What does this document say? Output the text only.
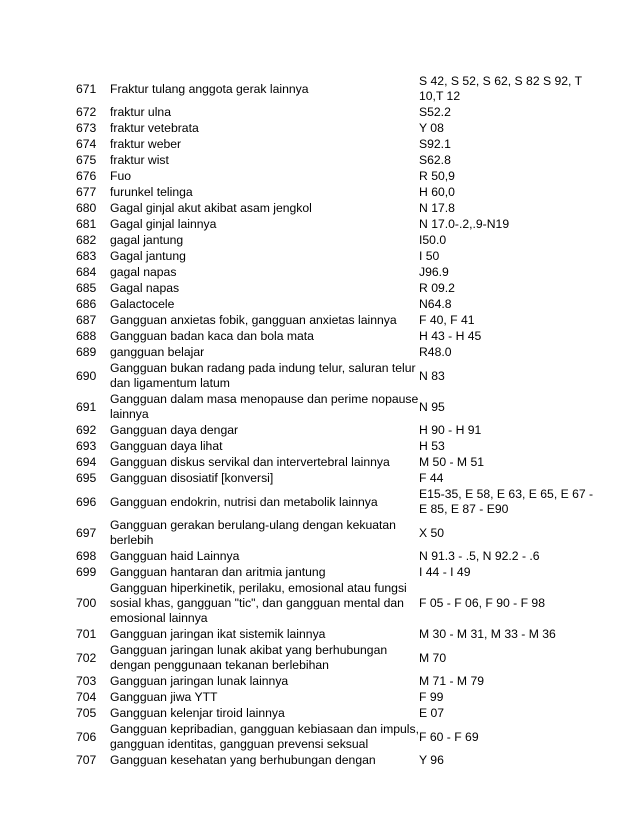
671	Fraktur tulang anggota gerak lainnya	S 42, S 52, S 62, S 82 S 92, T 10,T 12
672	fraktur ulna	S52.2
673	fraktur vetebrata	Y 08
674	fraktur weber	S92.1
675	fraktur wist	S62.8
676	Fuo	R 50,9
677	furunkel telinga	H 60,0
680	Gagal ginjal akut akibat asam jengkol	N 17.8
681	Gagal ginjal lainnya	N 17.0-.2,.9-N19
682	gagal jantung	I50.0
683	Gagal jantung	I 50
684	gagal napas	J96.9
685	Gagal napas	R 09.2
686	Galactocele	N64.8
687	Gangguan anxietas fobik, gangguan anxietas lainnya	F 40, F 41
688	Gangguan badan kaca dan bola mata	H 43 - H 45
689	gangguan belajar	R48.0
690	Gangguan bukan radang pada indung telur, saluran telur dan ligamentum latum	N 83
691	Gangguan dalam masa menopause dan perime nopause lainnya	N 95
692	Gangguan daya dengar	H 90 - H 91
693	Gangguan daya lihat	H 53
694	Gangguan diskus servikal dan intervertebral lainnya	M 50 - M 51
695	Gangguan disosiatif [konversi]	F 44
696	Gangguan endokrin, nutrisi dan metabolik lainnya	E15-35, E 58, E 63, E 65, E 67 - E 85, E 87 - E90
697	Gangguan gerakan berulang-ulang dengan kekuatan berlebih	X 50
698	Gangguan haid Lainnya	N 91.3 - .5, N 92.2 - .6
699	Gangguan hantaran dan aritmia jantung	I 44 - I 49
700	Gangguan hiperkinetik, perilaku, emosional atau fungsi sosial khas, gangguan "tic", dan gangguan mental dan emosional lainnya	F 05 - F 06, F 90 - F 98
701	Gangguan jaringan ikat sistemik lainnya	M 30 - M 31, M 33 - M 36
702	Gangguan jaringan lunak akibat yang berhubungan dengan penggunaan tekanan berlebihan	M 70
703	Gangguan jaringan lunak lainnya	M 71 - M 79
704	Gangguan jiwa YTT	F 99
705	Gangguan kelenjar tiroid lainnya	E 07
706	Gangguan kepribadian, gangguan kebiasaan dan impuls, gangguan identitas, gangguan prevensi seksual	F 60 - F 69
707	Gangguan kesehatan yang berhubungan dengan	Y 96
